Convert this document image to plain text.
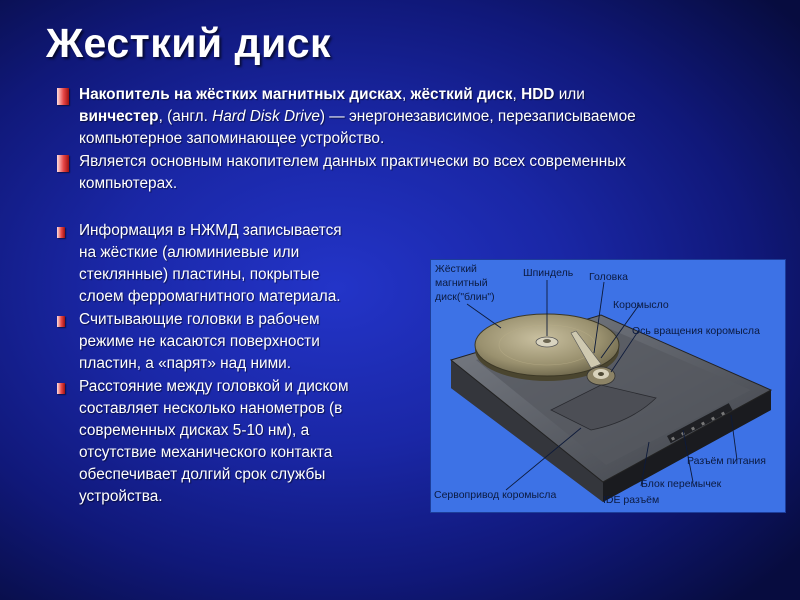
Жесткий диск
Накопитель на жёстких магнитных дисках, жёсткий диск, HDD или
винчестер, (англ. Hard Disk Drive) — энергонезависимое, перезаписываемое
компьютерное запоминающее устройство.
Является основным накопителем данных практически во всех современных
компьютерах.
Информация в НЖМД записывается
на жёсткие (алюминиевые или
стеклянные) пластины, покрытые
слоем ферромагнитного материала.
Считывающие головки в рабочем
режиме не касаются поверхности
пластин, а «парят» над ними.
Расстояние между головкой и диском
составляет несколько нанометров (в
современных дисках 5-10 нм), а
отсутствие механического контакта
обеспечивает долгий срок службы
устройства.
Жёсткий
магнитный
диск("блин")
Шпиндель Головка
Коромысло
Ось вращения коромысла
Разъём питания
Блок перемычек
Сервопривод коромысла	IDE разъём
